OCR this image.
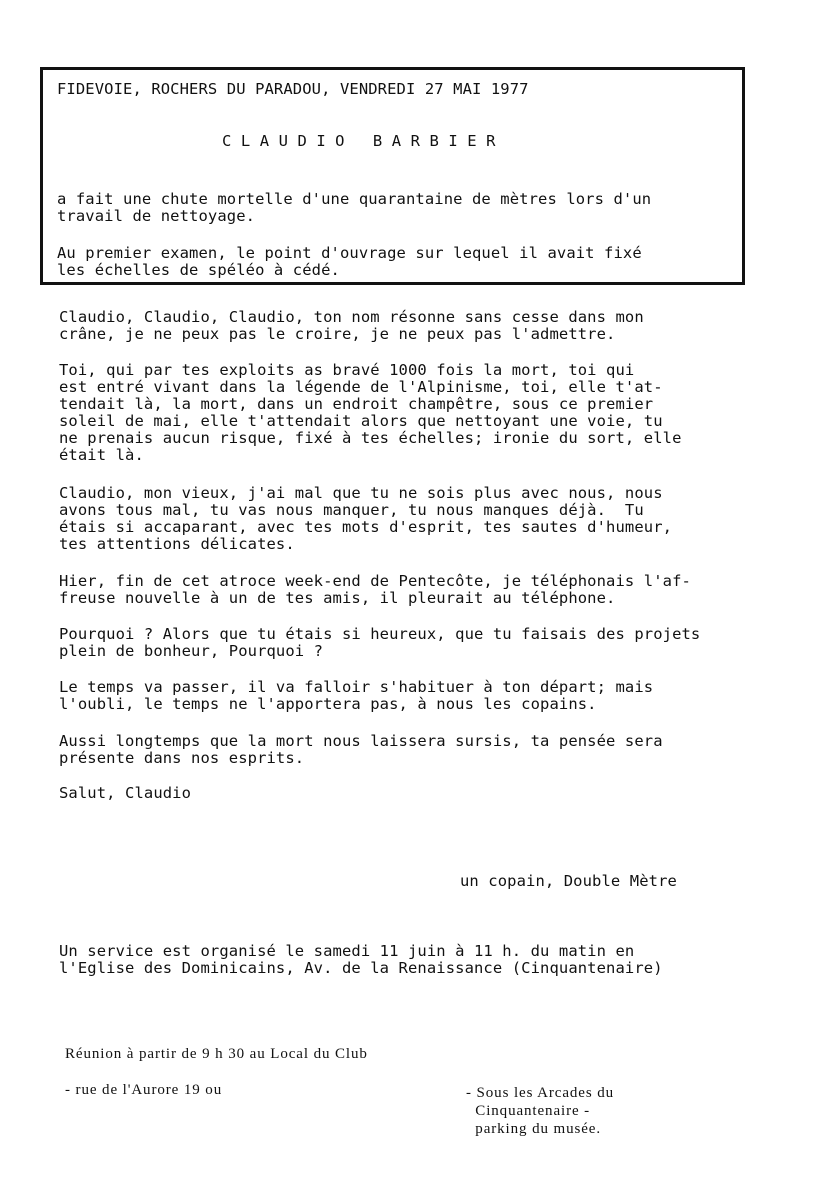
FIDEVOIE, ROCHERS DU PARADOU, VENDREDI 27 MAI 1977

C L A U D I O   B A R B I E R

a fait une chute mortelle d'une quarantaine de mètres lors d'un

travail de nettoyage.

Au premier examen, le point d'ouvrage sur lequel il avait fixé

les échelles de spéléo à cédé.

Claudio, Claudio, Claudio, ton nom résonne sans cesse dans mon

crâne, je ne peux pas le croire, je ne peux pas l'admettre.

Toi, qui par tes exploits as bravé 1000 fois la mort, toi qui

est entré vivant dans la légende de l'Alpinisme, toi, elle t'at-

tendait là, la mort, dans un endroit champêtre, sous ce premier

soleil de mai, elle t'attendait alors que nettoyant une voie, tu

ne prenais aucun risque, fixé à tes échelles; ironie du sort, elle

était là.

Claudio, mon vieux, j'ai mal que tu ne sois plus avec nous, nous

avons tous mal, tu vas nous manquer, tu nous manques déjà.  Tu

étais si accaparant, avec tes mots d'esprit, tes sautes d'humeur,

tes attentions délicates.

Hier, fin de cet atroce week-end de Pentecôte, je téléphonais l'af-

freuse nouvelle à un de tes amis, il pleurait au téléphone.

Pourquoi ? Alors que tu étais si heureux, que tu faisais des projets

plein de bonheur, Pourquoi ?

Le temps va passer, il va falloir s'habituer à ton départ; mais

l'oubli, le temps ne l'apportera pas, à nous les copains.

Aussi longtemps que la mort nous laissera sursis, ta pensée sera

présente dans nos esprits.

Salut, Claudio

un copain, Double Mètre

Un service est organisé le samedi 11 juin à 11 h. du matin en

l'Eglise des Dominicains, Av. de la Renaissance (Cinquantenaire)

Réunion à partir de 9 h 30 au Local du Club

- rue de l'Aurore 19 ou	- Sous les Arcades du

Cinquantenaire -

parking du musée.
